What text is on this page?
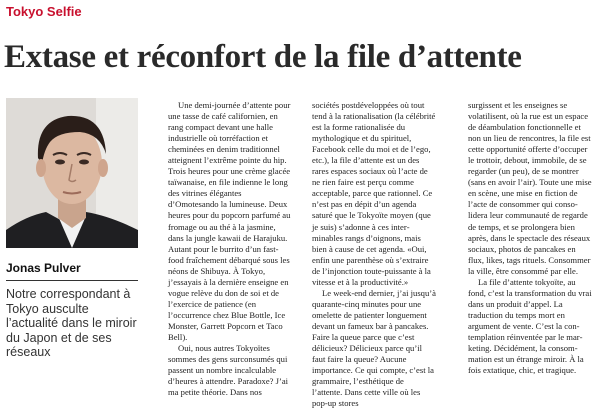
Tokyo Selfie
Extase et réconfort de la file d’attente
Jonas Pulver

Notre correspondant à Tokyo ausculte l’actualité dans le miroir du Japon et de ses réseaux

Une demi-journée d’attente pour une tasse de café californien, en rang compact devant une halle industrielle où torréfaction et cheminées en denim traditionnel atteignent l’extrême pointe du hip. Trois heures pour une crème glacée taïwanaise, en file indienne le long des vitrines élégantes d’Omotesando la lumineuse. Deux heures pour du popcorn parfumé au fromage ou au thé à la jasmine, dans la jungle kawaii de Harajuku. Autant pour le burrito d’un fast-food fraîchement débarqué sous les néons de Shibuya. À Tokyo, j’essayais à la dernière enseigne en vogue relève du don de soi et de l’exercice de patience (en l’occurrence chez Blue Bottle, Ice Monster, Garrett Popcorn et Taco Bell).

Oui, nous autres Tokyoïtes sommes des gens surconsumés qui passent un nombre incalculable d’heures à attendre. Paradoxe? J’ai ma petite théorie. Dans nos

sociétés postdéveloppées où tout tend à la rationalisation (la célébrité est la forme rationalisée du mythologique et du spirituel, Facebook celle du moi et de l’ego, etc.), la file d’attente est un des rares espaces sociaux où l’acte de ne rien faire est perçu comme acceptable, parce que rationnel. Ce n’est pas en dépit d’un agenda saturé que le Tokyoïte moyen (que je suis) s’adonne à ces interminables rangs d’oignons, mais bien à cause de cet agenda. «Oui, enfin une parenthèse où s’extraire de l’injonction toute-puissante à la vitesse et à la productivité.»

Le week-end dernier, j’ai jusqu’à quarante-cinq minutes pour une omelette de patienter longuement devant un fameux bar à pancakes. Faire la queue parce que c’est délicieux? Délicieux parce qu’il faut faire la queue? Aucune importance. Ce qui compte, c’est la grammaire, l’esthétique de l’attente. Dans cette ville où les pop-up stores

surgissent et les enseignes se volatilisent, où la rue est un espace de déambulation fonctionnelle et non un lieu de rencontres, la file est cette opportunité offerte d’occuper le trottoir, debout, immobile, de se regarder (un peu), de se montrer (sans en avoir l’air). Toute une mise en scène, une mise en fiction de l’acte de consommer qui consolidera leur communauté de regarde de temps, et se prolongera bien après, dans le spectacle des réseaux sociaux, photos de pancakes en flux, likes, tags rituels. Consommer la ville, être consommé par elle.

La file d’attente tokyoïte, au fond, c’est la transformation du vrai dans un produit d’appel. La traduction du temps mort en argument de vente. C’est la contemplation réinventée par le marketing. Décidément, la consommation est un étrange miroir. À la fois extatique, chic, et tragique.
